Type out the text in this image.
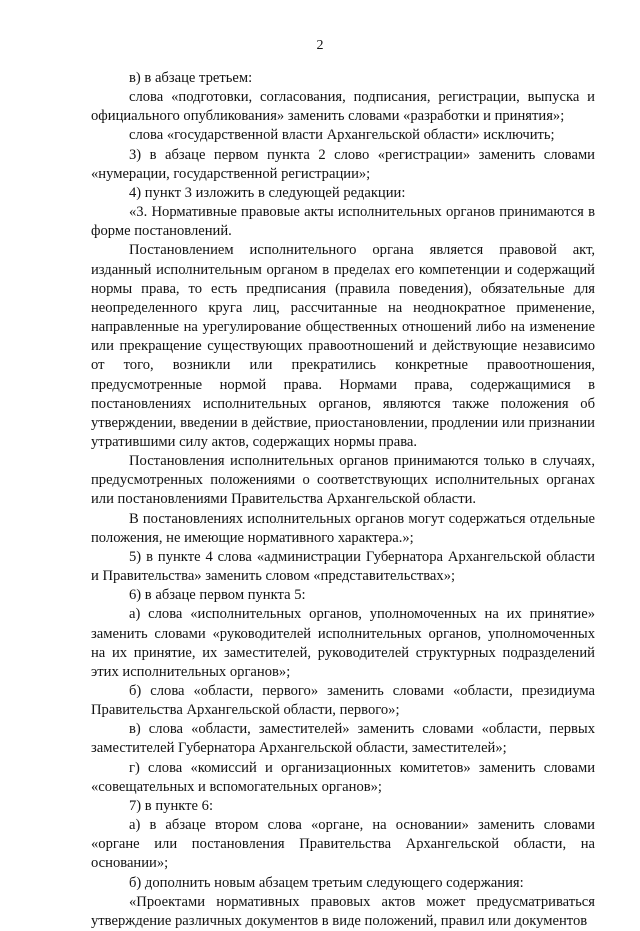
2

в) в абзаце третьем:

слова «подготовки, согласования, подписания, регистрации, выпуска и официального опубликования» заменить словами «разработки и принятия»;

слова «государственной власти Архангельской области» исключить;

3) в абзаце первом пункта 2 слово «регистрации» заменить словами «нумерации, государственной регистрации»;

4) пункт 3 изложить в следующей редакции:

«3. Нормативные правовые акты исполнительных органов принимаются в форме постановлений.

Постановлением исполнительного органа является правовой акт, изданный исполнительным органом в пределах его компетенции и содержащий нормы права, то есть предписания (правила поведения), обязательные для неопределенного круга лиц, рассчитанные на неоднократное применение, направленные на урегулирование общественных отношений либо на изменение или прекращение существующих правоотношений и действующие независимо от того, возникли или прекратились конкретные правоотношения, предусмотренные нормой права. Нормами права, содержащимися в постановлениях исполнительных органов, являются также положения об утверждении, введении в действие, приостановлении, продлении или признании утратившими силу актов, содержащих нормы права.

Постановления исполнительных органов принимаются только в случаях, предусмотренных положениями о соответствующих исполнительных органах или постановлениями Правительства Архангельской области.

В постановлениях исполнительных органов могут содержаться отдельные положения, не имеющие нормативного характера.»;

5) в пункте 4 слова «администрации Губернатора Архангельской области и Правительства» заменить словом «представительствах»;

6) в абзаце первом пункта 5:

а) слова «исполнительных органов, уполномоченных на их принятие» заменить словами «руководителей исполнительных органов, уполномоченных на их принятие, их заместителей, руководителей структурных подразделений этих исполнительных органов»;

б) слова «области, первого» заменить словами «области, президиума Правительства Архангельской области, первого»;

в) слова «области, заместителей» заменить словами «области, первых заместителей Губернатора Архангельской области, заместителей»;

г) слова «комиссий и организационных комитетов» заменить словами «совещательных и вспомогательных органов»;

7) в пункте 6:

а) в абзаце втором слова «органе, на основании» заменить словами «органе или постановления Правительства Архангельской области, на основании»;

б) дополнить новым абзацем третьим следующего содержания:

«Проектами нормативных правовых актов может предусматриваться утверждение различных документов в виде положений, правил или документов
